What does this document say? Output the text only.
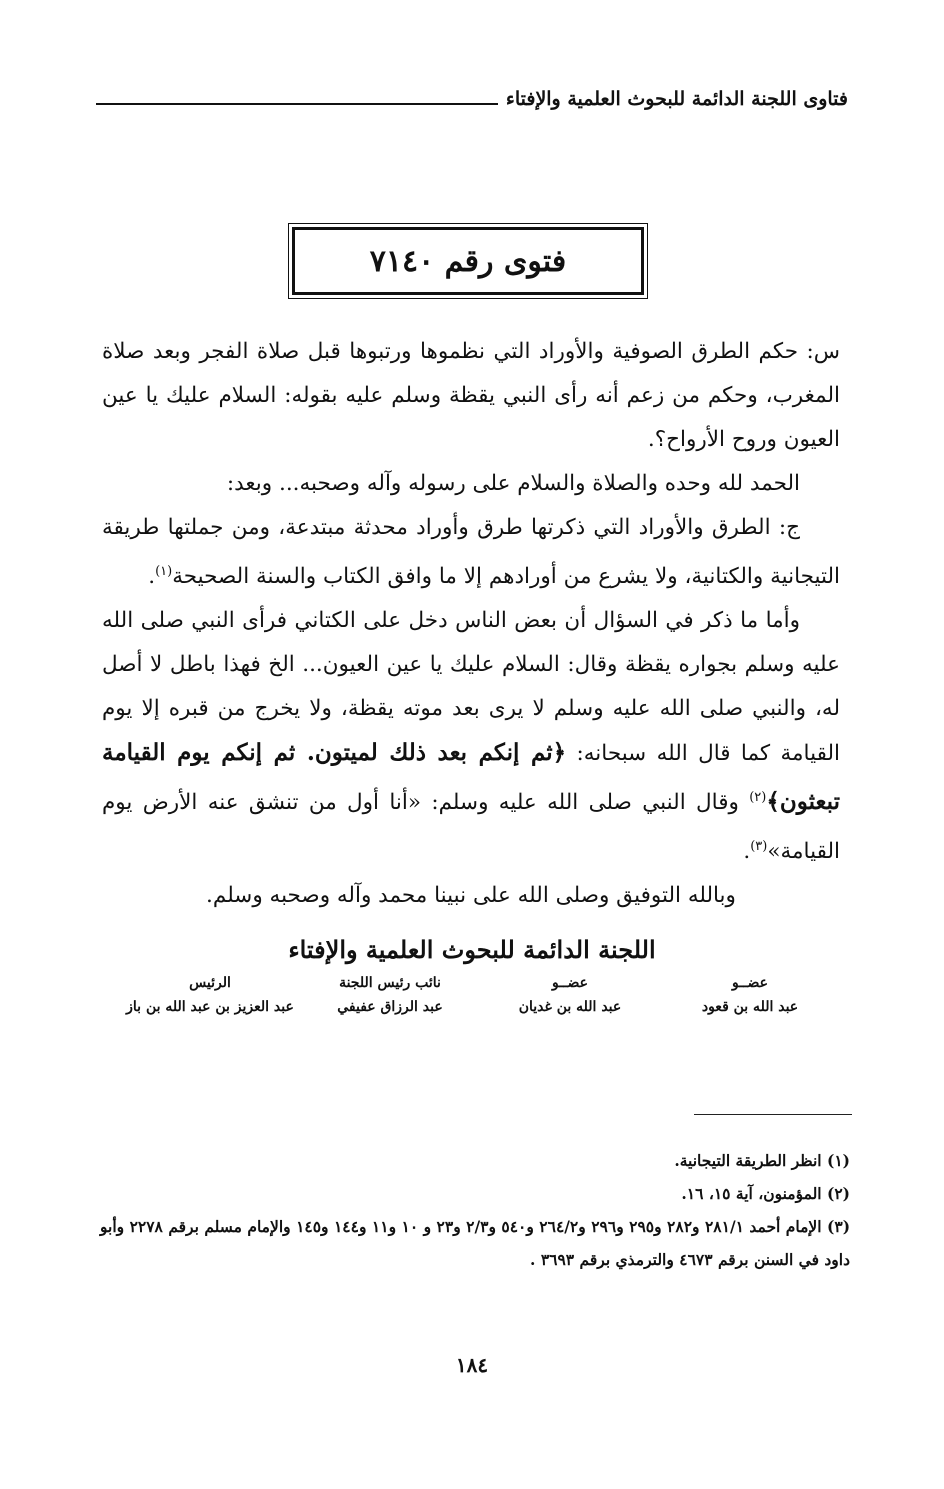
فتاوى اللجنة الدائمة للبحوث العلمية والإفتاء
فتوى رقم ٧١٤٠

س: حكم الطرق الصوفية والأوراد التي نظموها ورتبوها قبل صلاة الفجر وبعد صلاة المغرب، وحكم من زعم أنه رأى النبي يقظة وسلم عليه بقوله: السلام عليك يا عين العيون وروح الأرواح؟.

الحمد لله وحده والصلاة والسلام على رسوله وآله وصحبه... وبعد:

ج: الطرق والأوراد التي ذكرتها طرق وأوراد محدثة مبتدعة، ومن جملتها طريقة التيجانية والكتانية، ولا يشرع من أورادهم إلا ما وافق الكتاب والسنة الصحيحة$^{(١)}$.

وأما ما ذكر في السؤال أن بعض الناس دخل على الكتاني فرأى النبي صلى الله عليه وسلم بجواره يقظة وقال: السلام عليك يا عين العيون... الخ فهذا باطل لا أصل له، والنبي صلى الله عليه وسلم لا يرى بعد موته يقظة، ولا يخرج من قبره إلا يوم القيامة كما قال الله سبحانه: ﴿ثم إنكم بعد ذلك لميتون. ثم إنكم يوم القيامة تبعثون﴾$^{(٢)}$ وقال النبي صلى الله عليه وسلم: «أنا أول من تنشق عنه الأرض يوم القيامة»$^{(٣)}$.

وبالله التوفيق وصلى الله على نبينا محمد وآله وصحبه وسلم.

اللجنة الدائمة للبحوث العلمية والإفتاء
عضــو
عبد الله بن قعود
عضــو
عبد الله بن غديان
نائب رئيس اللجنة
عبد الرزاق عفيفي
الرئيس
عبد العزيز بن عبد الله بن باز

(١) انظر الطريقة التيجانية.

(٢) المؤمنون، آية ١٥، ١٦.

(٣) الإمام أحمد ٢٨١/١ و٢٨٢ و٢٩٥ و٢٩٦ و٢٦٤/٢ و٥٤٠ و٢/٣ و٢٣ و ١٠ و١١ و١٤٤ و١٤٥ والإمام مسلم برقم ٢٢٧٨ وأبو داود في السنن برقم ٤٦٧٣ والترمذي برقم ٣٦٩٣ .

١٨٤
